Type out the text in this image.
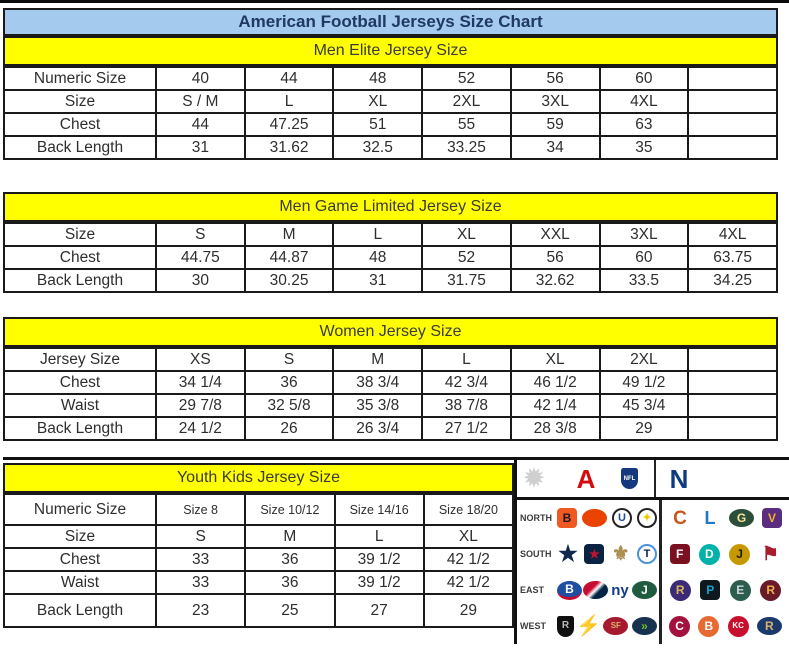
American Football Jerseys Size Chart
Men Elite Jersey Size
Numeric Size	40	44	48	52	56	60	
Size	S / M	L	XL	2XL	3XL	4XL	
Chest	44	47.25	51	55	59	63	
Back Length	31	31.62	32.5	33.25	34	35	
Men Game Limited Jersey Size
Size	S	M	L	XL	XXL	3XL	4XL
Chest	44.75	44.87	48	52	56	60	63.75
Back Length	30	30.25	31	31.75	32.62	33.5	34.25
Women Jersey Size
Jersey Size	XS	S	M	L	XL	2XL	
Chest	34 1/4	36	38 3/4	42 3/4	46 1/2	49 1/2	
Waist	29 7/8	32 5/8	35 3/8	38 7/8	42 1/4	45 3/4	
Back Length	24 1/2	26	26 3/4	27 1/2	28 3/8	29	
Youth Kids Jersey Size
Numeric Size	Size 8	Size 10/12	Size 14/16	Size 18/20
Size	S	M	L	XL
Chest	33	36	39 1/2	42 1/2
Waist	33	36	39 1/2	42 1/2
Back Length	23	25	27	29
✹ A	NFL N
NORTH B	U	✦ C L	G	V
SOUTH ★ ★ ⚜	T	F	D	J ⚑
EAST	B	ny	J	R	P	E	R
WEST	R ⚡	SF	»	C	B	KC	R
